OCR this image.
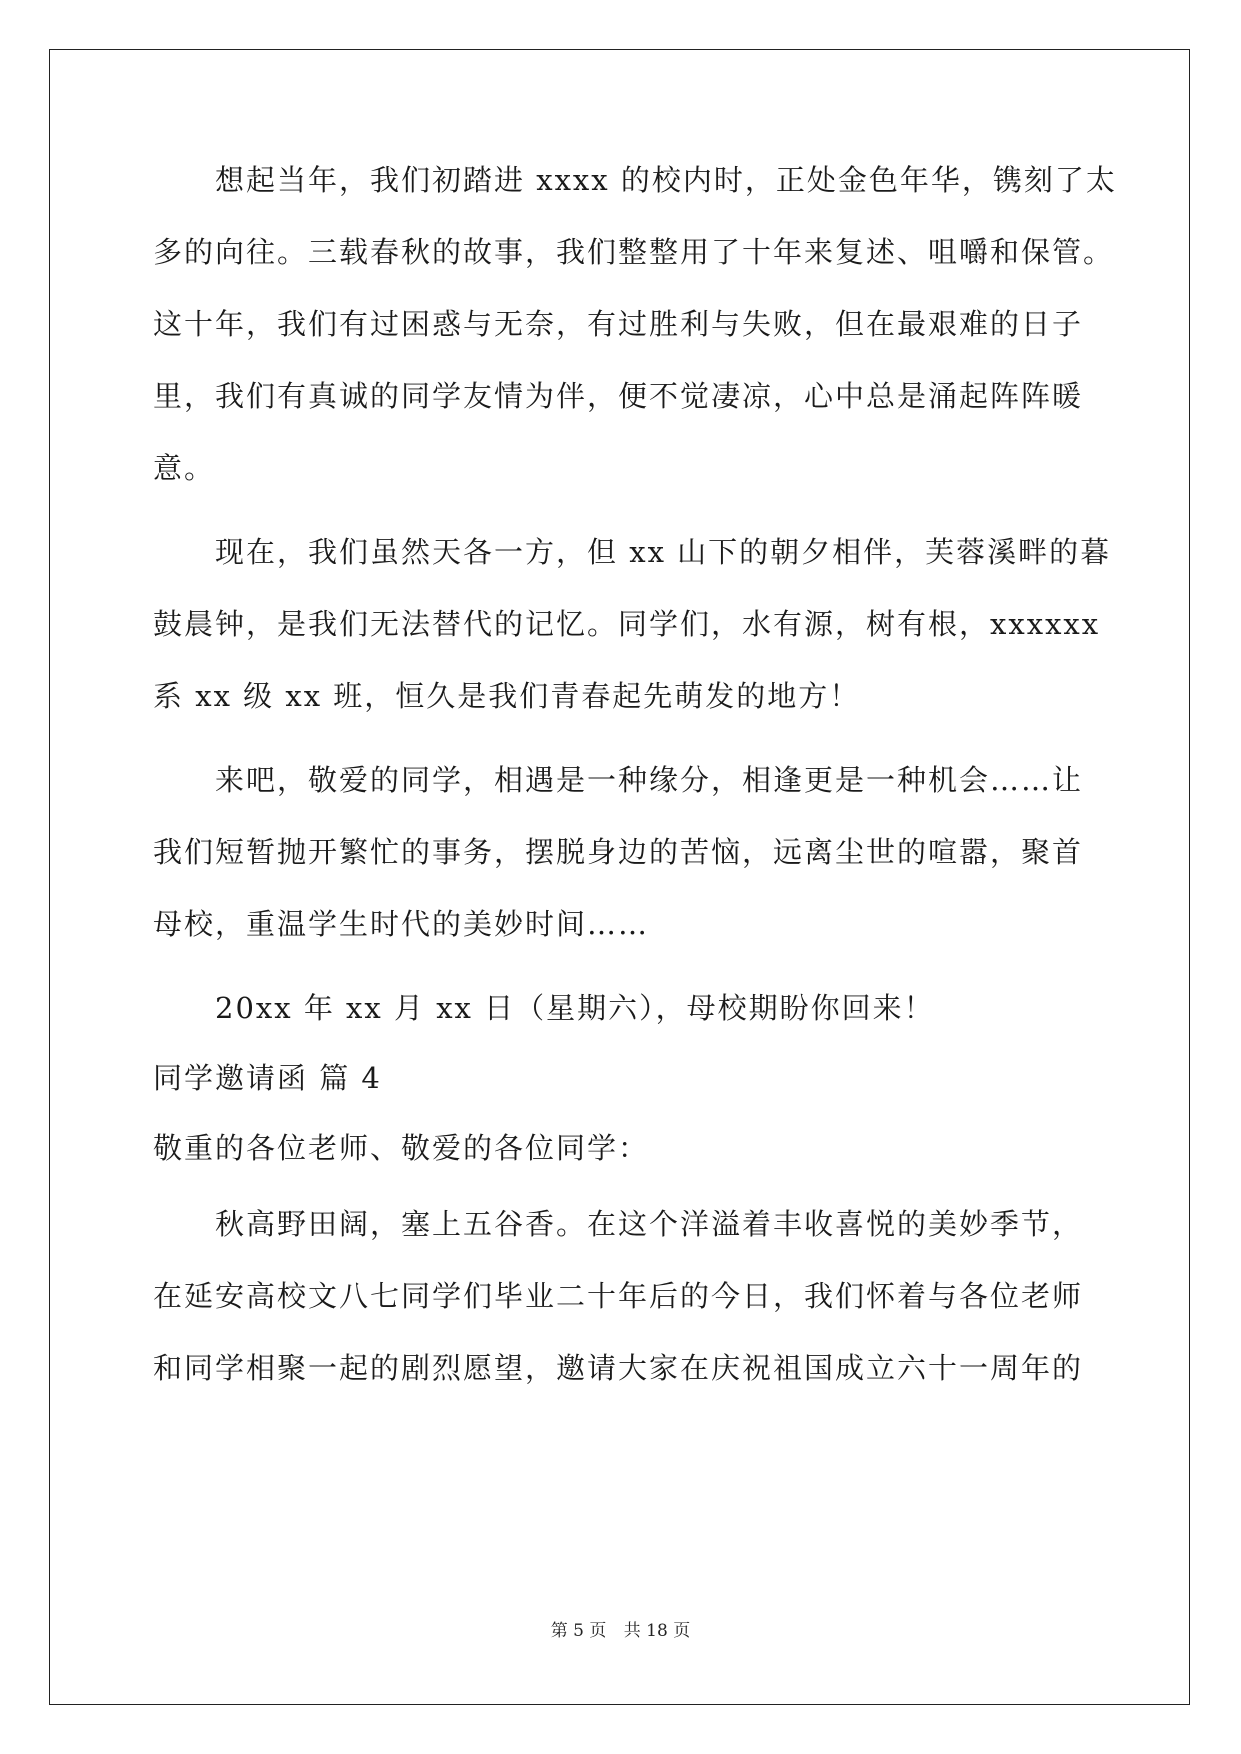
想起当年，我们初踏进 xxxx 的校内时，正处金色年华，镌刻了太
多的向往。三载春秋的故事，我们整整用了十年来复述、咀嚼和保管。
这十年，我们有过困惑与无奈，有过胜利与失败，但在最艰难的日子
里，我们有真诚的同学友情为伴，便不觉凄凉，心中总是涌起阵阵暖
意。
现在，我们虽然天各一方，但 xx 山下的朝夕相伴，芙蓉溪畔的暮
鼓晨钟，是我们无法替代的记忆。同学们，水有源，树有根，xxxxxx
系 xx 级 xx 班，恒久是我们青春起先萌发的地方！
来吧，敬爱的同学，相遇是一种缘分，相逢更是一种机会……让
我们短暂抛开繁忙的事务，摆脱身边的苦恼，远离尘世的喧嚣，聚首
母校，重温学生时代的美妙时间……
20xx 年 xx 月 xx 日（星期六），母校期盼你回来！
同学邀请函 篇 4
敬重的各位老师、敬爱的各位同学：
秋高野田阔，塞上五谷香。在这个洋溢着丰收喜悦的美妙季节，
在延安高校文八七同学们毕业二十年后的今日，我们怀着与各位老师
和同学相聚一起的剧烈愿望，邀请大家在庆祝祖国成立六十一周年的
第 5 页 共 18 页
